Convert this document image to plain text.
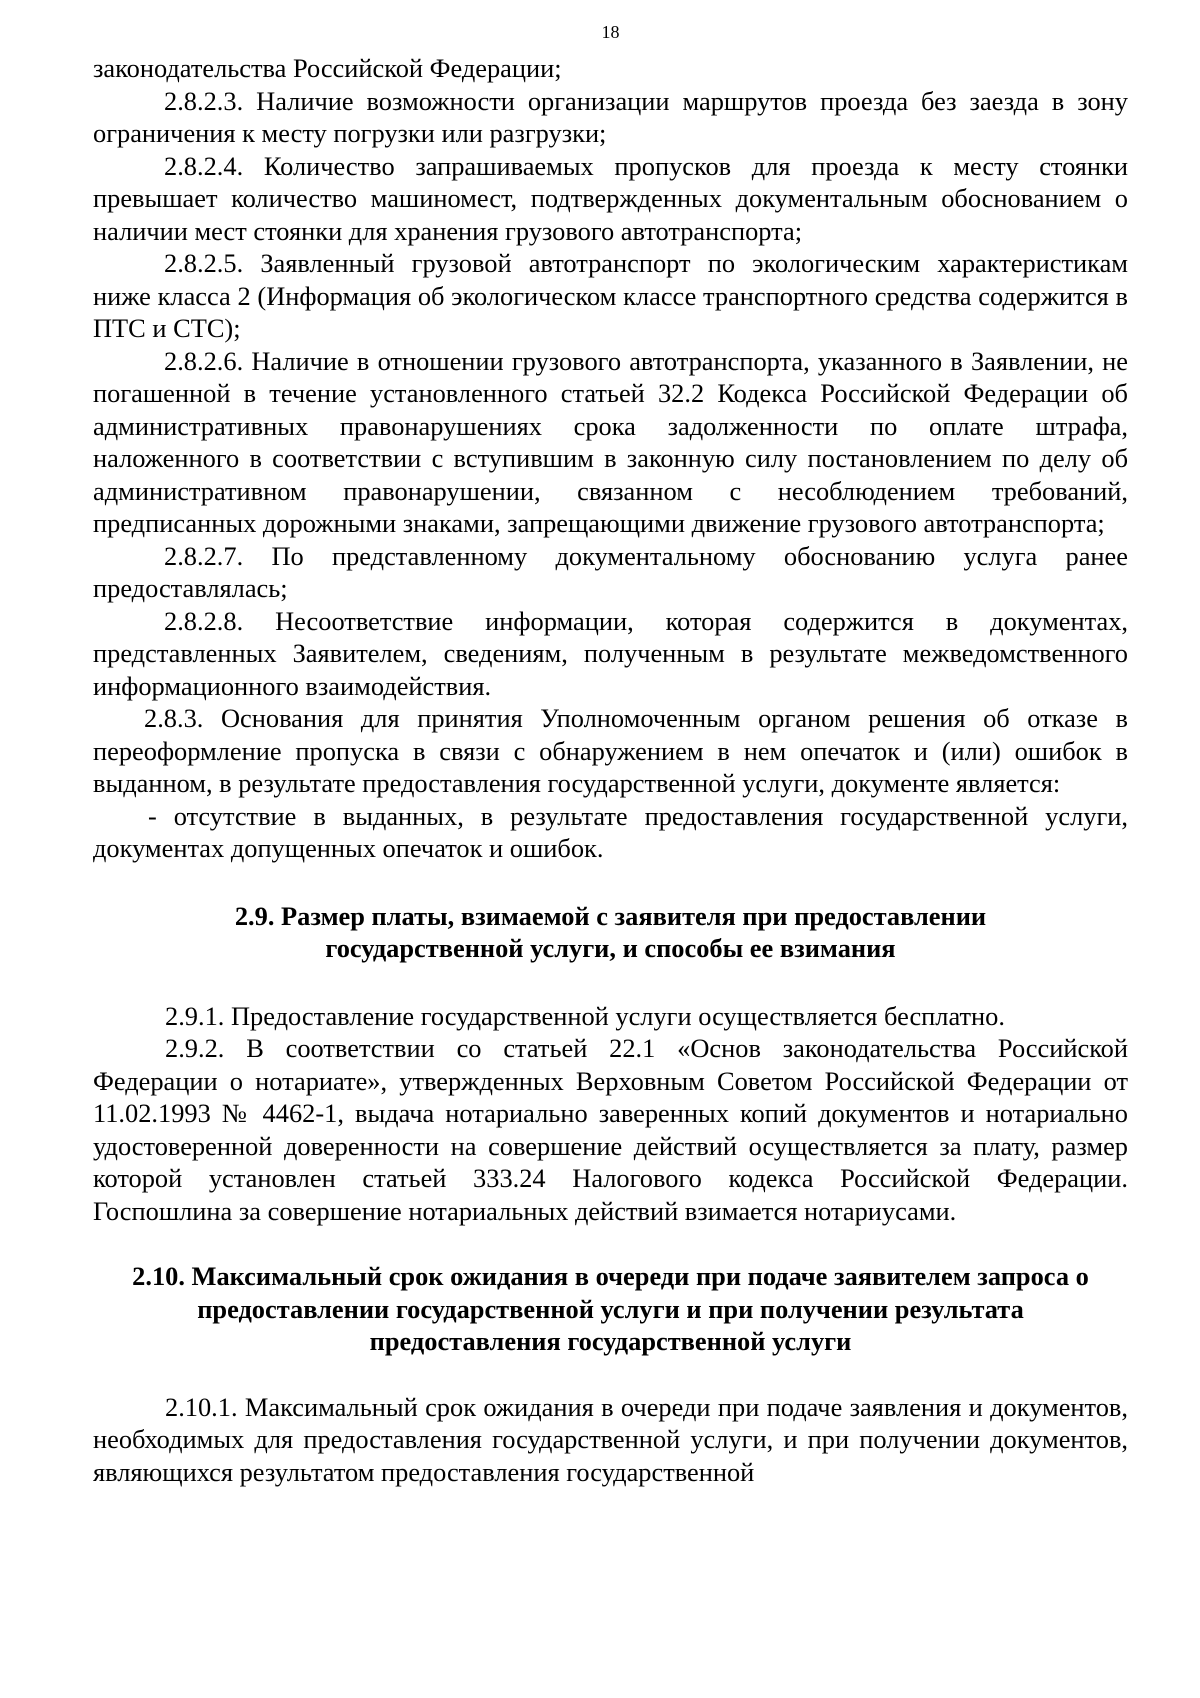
18

законодательства Российской Федерации;

2.8.2.3. Наличие возможности организации маршрутов проезда без заезда в зону ограничения к месту погрузки или разгрузки;

2.8.2.4. Количество запрашиваемых пропусков для проезда к месту стоянки превышает количество машиномест, подтвержденных документальным обоснованием о наличии мест стоянки для хранения грузового автотранспорта;

2.8.2.5. Заявленный грузовой автотранспорт по экологическим характеристикам ниже класса 2 (Информация об экологическом классе транспортного средства содержится в ПТС и СТС);

2.8.2.6. Наличие в отношении грузового автотранспорта, указанного в Заявлении, не погашенной в течение установленного статьей 32.2 Кодекса Российской Федерации об административных правонарушениях срока задолженности по оплате штрафа, наложенного в соответствии с вступившим в законную силу постановлением по делу об административном правонарушении, связанном с несоблюдением требований, предписанных дорожными знаками, запрещающими движение грузового автотранспорта;

2.8.2.7. По представленному документальному обоснованию услуга ранее предоставлялась;

2.8.2.8. Несоответствие информации, которая содержится в документах, представленных Заявителем, сведениям, полученным в результате межведомственного информационного взаимодействия.

2.8.3. Основания для принятия Уполномоченным органом решения об отказе в переоформление пропуска в связи с обнаружением в нем опечаток и (или) ошибок в выданном, в результате предоставления государственной услуги, документе является:

- отсутствие в выданных, в результате предоставления государственной услуги, документах допущенных опечаток и ошибок.

2.9. Размер платы, взимаемой с заявителя при предоставлении

государственной услуги, и способы ее взимания

2.9.1. Предоставление государственной услуги осуществляется бесплатно.

2.9.2. В соответствии со статьей 22.1 «Основ законодательства Российской Федерации о нотариате», утвержденных Верховным Советом Российской Федерации от 11.02.1993 № 4462-1, выдача нотариально заверенных копий документов и нотариально удостоверенной доверенности на совершение действий осуществляется за плату, размер которой установлен статьей 333.24 Налогового кодекса Российской Федерации. Госпошлина за совершение нотариальных действий взимается нотариусами.

2.10. Максимальный срок ожидания в очереди при подаче заявителем запроса о

предоставлении государственной услуги и при получении результата

предоставления государственной услуги

2.10.1. Максимальный срок ожидания в очереди при подаче заявления и документов, необходимых для предоставления государственной услуги, и при получении документов, являющихся результатом предоставления государственной
